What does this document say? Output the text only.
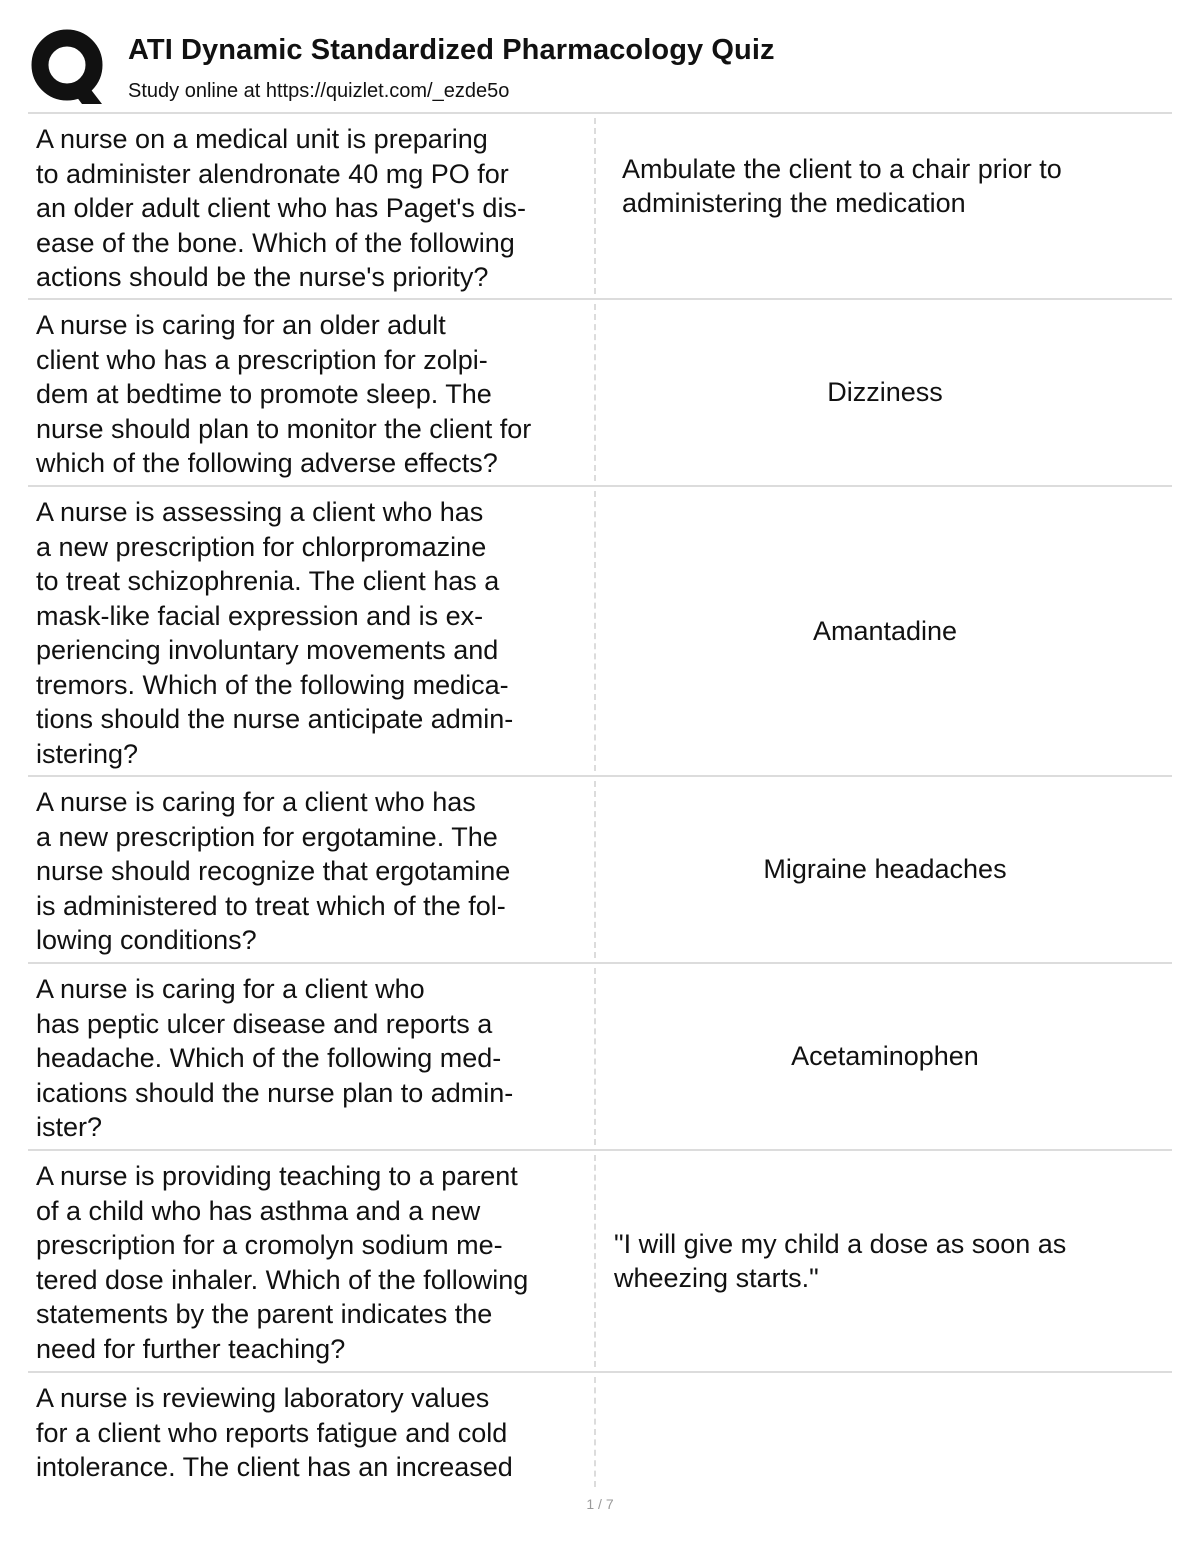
ATI Dynamic Standardized Pharmacology Quiz
Study online at https://quizlet.com/_ezde5o
A nurse on a medical unit is preparing
to administer alendronate 40 mg PO for
an older adult client who has Paget's dis-
ease of the bone. Which of the following
actions should be the nurse's priority?
Ambulate the client to a chair prior to administering the medication
A nurse is caring for an older adult
client who has a prescription for zolpi-
dem at bedtime to promote sleep. The
nurse should plan to monitor the client for
which of the following adverse effects?
Dizziness
A nurse is assessing a client who has
a new prescription for chlorpromazine
to treat schizophrenia. The client has a
mask-like facial expression and is ex-
periencing involuntary movements and
tremors. Which of the following medica-
tions should the nurse anticipate admin-
istering?
Amantadine
A nurse is caring for a client who has
a new prescription for ergotamine. The
nurse should recognize that ergotamine
is administered to treat which of the fol-
lowing conditions?
Migraine headaches
A nurse is caring for a client who
has peptic ulcer disease and reports a
headache. Which of the following med-
ications should the nurse plan to admin-
ister?
Acetaminophen
A nurse is providing teaching to a parent
of a child who has asthma and a new
prescription for a cromolyn sodium me-
tered dose inhaler. Which of the following
statements by the parent indicates the
need for further teaching?
"I will give my child a dose as soon as wheezing starts."
A nurse is reviewing laboratory values
for a client who reports fatigue and cold
intolerance. The client has an increased
1 / 7
